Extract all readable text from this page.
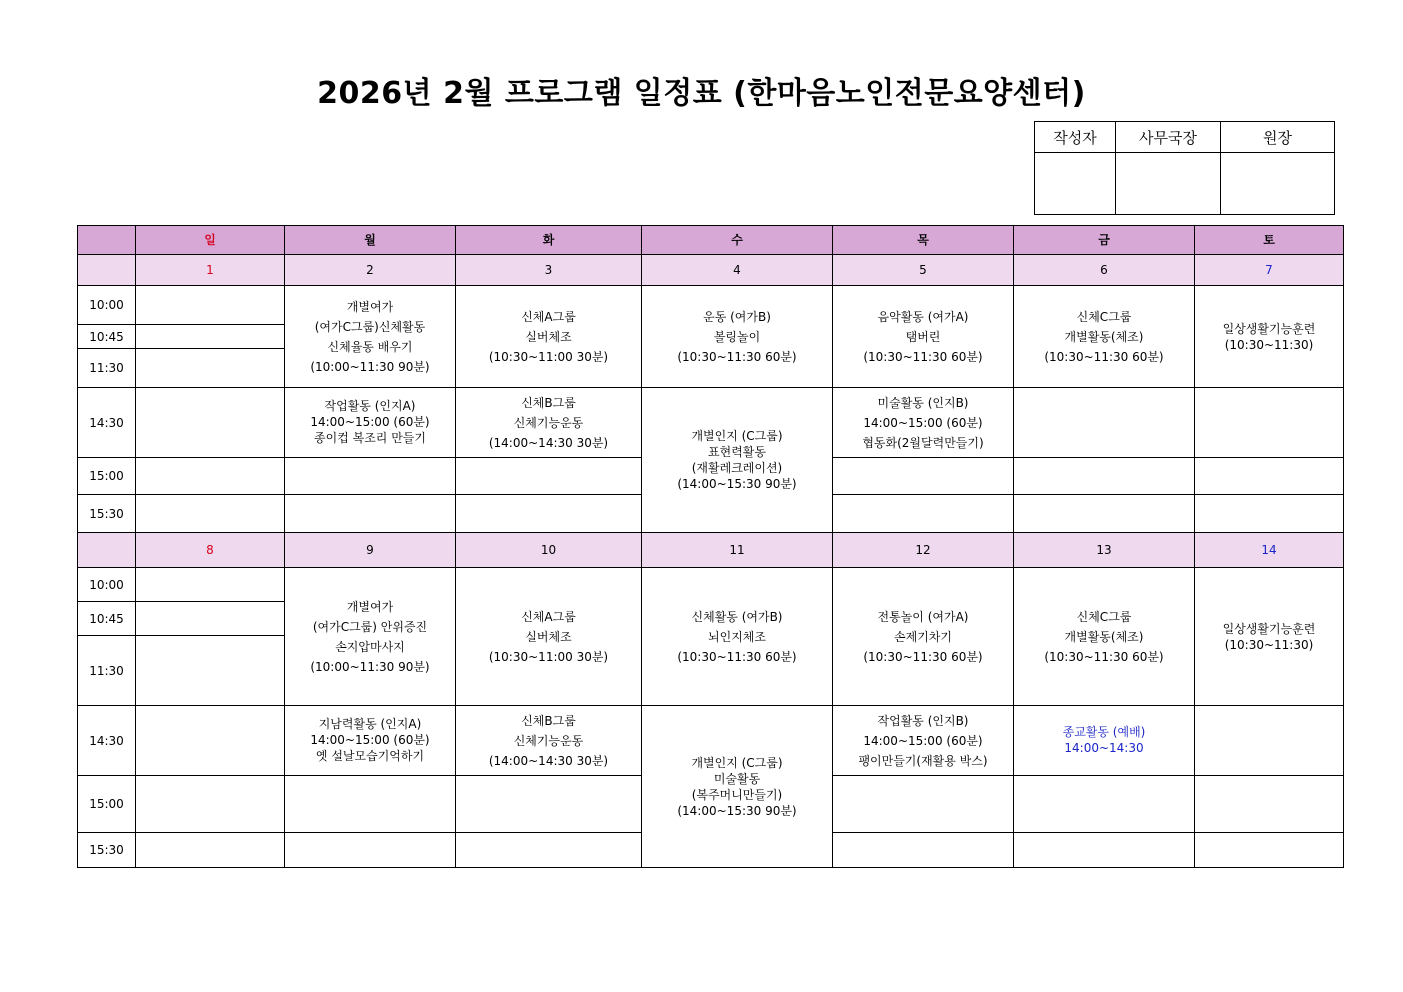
2026년 2월 프로그램 일정표 (한마음노인전문요양센터)
작성자	사무국장	원장

	일	월	화	수	목	금	토
	1	2	3	4	5	6	7
10:00		개별여가
(여가C그룹)신체활동
신체율동 배우기
(10:00~11:30 90분)	신체A그룹
실버체조
(10:30~11:00 30분)	운동 (여가B)
볼링놀이
(10:30~11:30 60분)	음악활동 (여가A)
탬버린
(10:30~11:30 60분)	신체C그룹
개별활동(체조)
(10:30~11:30 60분)	일상생활기능훈련
(10:30~11:30)

10:45							
11:30							
14:30		작업활동 (인지A)
14:00~15:00 (60분)
종이컵 복조리 만들기	신체B그룹
신체기능운동
(14:00~14:30 30분)	개별인지 (C그룹)
표현력활동
(재활레크레이션)
(14:00~15:30 90분)	미술활동 (인지B)
14:00~15:00 (60분)
협동화(2월달력만들기)		

15:00							
15:30							
	8	9	10	11	12	13	14
10:00		개별여가
(여가C그룹) 안위증진
손지압마사지
(10:00~11:30 90분)	신체A그룹
실버체조
(10:30~11:00 30분)	신체활동 (여가B)
뇌인지체조
(10:30~11:30 60분)	전통놀이 (여가A)
손제기차기
(10:30~11:30 60분)	신체C그룹
개별활동(체조)
(10:30~11:30 60분)	일상생활기능훈련
(10:30~11:30)

10:45							
11:30							
14:30		지남력활동 (인지A)
14:00~15:00 (60분)
옛 설날모습기억하기	신체B그룹
신체기능운동
(14:00~14:30 30분)	개별인지 (C그룹)
미술활동
(복주머니만들기)
(14:00~15:30 90분)	작업활동 (인지B)
14:00~15:00 (60분)
팽이만들기(재활용 박스)	종교활동 (예배)
14:00~14:30	

15:00							
15:30							
